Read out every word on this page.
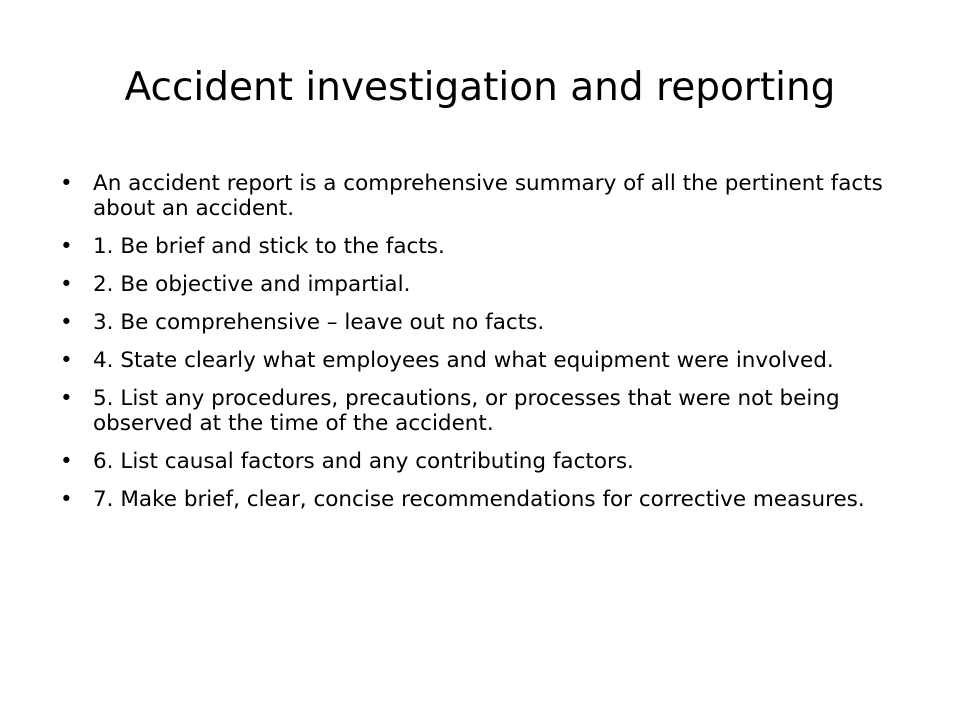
Accident investigation and reporting
• An accident report is a comprehensive summary of all the pertinent facts about an accident.
• 1. Be brief and stick to the facts.
• 2. Be objective and impartial.
• 3. Be comprehensive – leave out no facts.
• 4. State clearly what employees and what equipment were involved.
• 5. List any procedures, precautions, or processes that were not being observed at the time of the accident.
• 6. List causal factors and any contributing factors.
• 7. Make brief, clear, concise recommendations for corrective measures.
